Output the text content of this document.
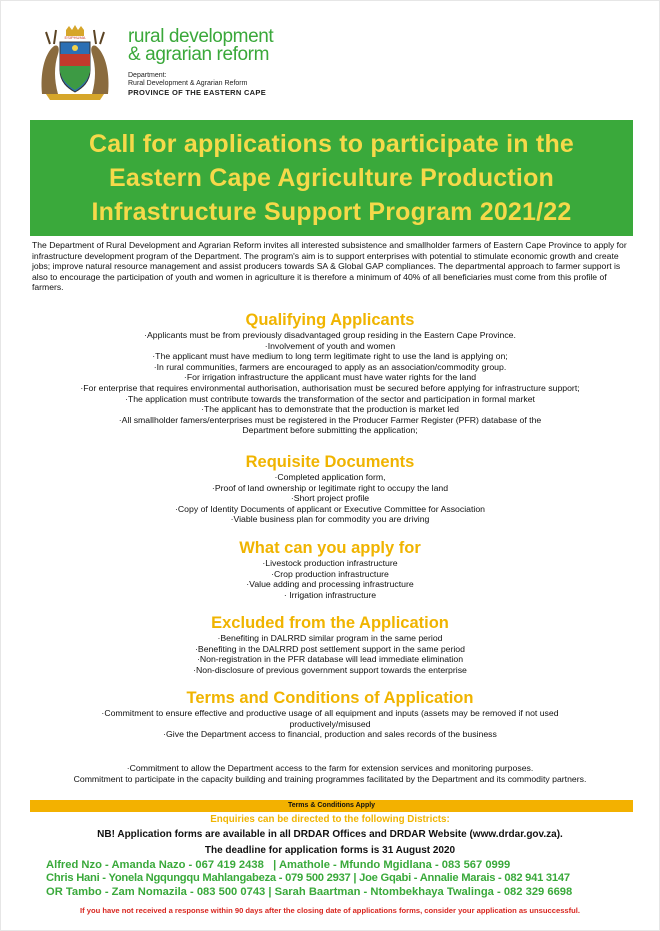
ESIPHUMA rural development
& agrarian reform
Department:
Rural Development & Agrarian Reform
PROVINCE OF THE EASTERN CAPE
Call for applications to participate in the
Eastern Cape Agriculture Production
Infrastructure Support Program 2021/22
The Department of Rural Development and Agrarian Reform invites all interested subsistence and smallholder farmers of Eastern Cape Province to apply for infrastructure development program of the Department. The program's aim is to support enterprises with potential to stimulate economic growth and create jobs; improve natural resource management and assist producers towards SA & Global GAP compliances. The departmental approach to farmer support is also to encourage the participation of youth and women in agriculture it is therefore a minimum of 40% of all beneficiaries must come from this profile of farmers.
Qualifying Applicants
·Applicants must be from previously disadvantaged group residing in the Eastern Cape Province.
·Involvement of youth and women
·The applicant must have medium to long term legitimate right to use the land is applying on;
·In rural communities, farmers are encouraged to apply as an association/commodity group.
·For irrigation infrastructure the applicant must have water rights for the land
·For enterprise that requires environmental authorisation, authorisation must be secured before applying for infrastructure support;
·The application must contribute towards the transformation of the sector and participation in formal market
·The applicant has to demonstrate that the production is market led
·All smallholder famers/enterprises must be registered in the Producer Farmer Register (PFR) database of the
Department before submitting the application;
Requisite Documents
·Completed application form,
·Proof of land ownership or legitimate right to occupy the land
·Short project profile
·Copy of Identity Documents of applicant or Executive Committee for Association
·Viable business plan for commodity you are driving
What can you apply for
·Livestock production infrastructure
·Crop production infrastructure
·Value adding and processing infrastructure
· Irrigation infrastructure
Excluded from the Application
·Benefiting in DALRRD similar program in the same period
·Benefiting in the DALRRD post settlement support in the same period
·Non-registration in the PFR database will lead immediate elimination
·Non-disclosure of previous government support towards the enterprise
Terms and Conditions of Application
·Commitment to ensure effective and productive usage of all equipment and inputs (assets may be removed if not used
productively/misused
·Give the Department access to financial, production and sales records of the business
·Commitment to allow the Department access to the farm for extension services and monitoring purposes.
Commitment to participate in the capacity building and training programmes facilitated by the Department and its commodity partners.
Terms & Conditions Apply
Enquiries can be directed to the following Districts:
NB! Application forms are available in all DRDAR Offices and DRDAR Website (www.drdar.gov.za).
The deadline for application forms is 31 August 2020
Alfred Nzo - Amanda Nazo - 067 419 2438   | Amathole - Mfundo Mgidlana - 083 567 0999
Chris Hani - Yonela Ngqungqu Mahlangabeza - 079 500 2937 | Joe Gqabi - Annalie Marais - 082 941 3147
OR Tambo - Zam Nomazila - 083 500 0743 | Sarah Baartman - Ntombekhaya Twalinga - 082 329 6698
If you have not received a response within 90 days after the closing date of applications forms, consider your application as unsuccessful.
